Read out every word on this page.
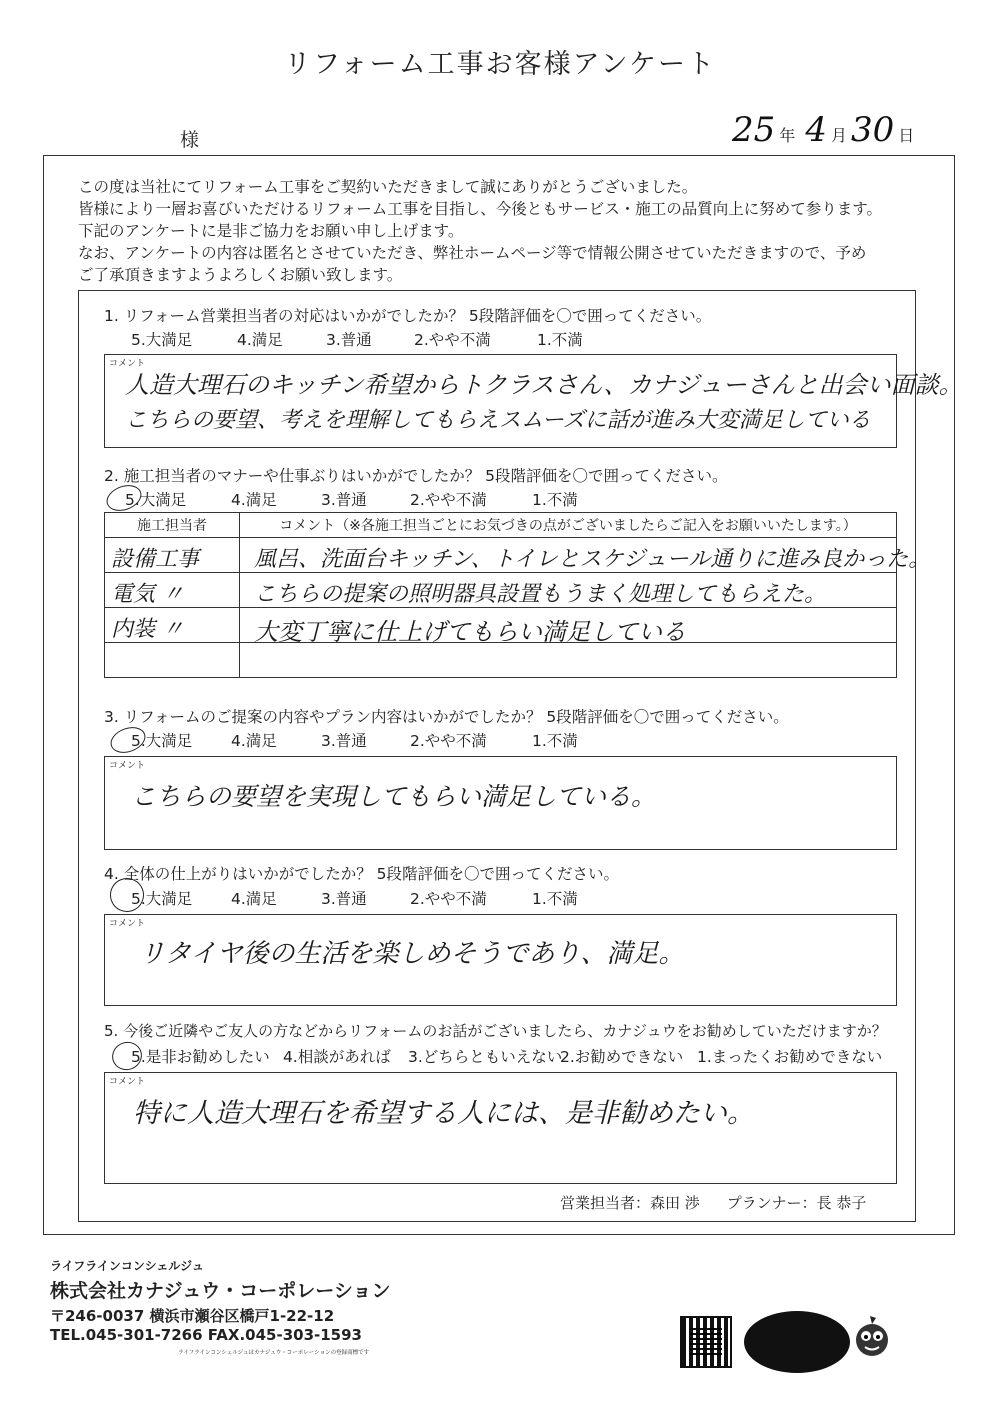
リフォーム工事お客様アンケート
様	25 年 4 月 30 日
この度は当社にてリフォーム工事をご契約いただきまして誠にありがとうございました。
皆様により一層お喜びいただけるリフォーム工事を目指し、今後ともサービス・施工の品質向上に努めて参ります。
下記のアンケートに是非ご協力をお願い申し上げます。
なお、アンケートの内容は匿名とさせていただき、弊社ホームページ等で情報公開させていただきますので、予め
ご了承頂きますようよろしくお願い致します。
1. リフォーム営業担当者の対応はいかがでしたか？ 5段階評価を〇で囲ってください。
5.大満足	4.満足	3.普通	2.やや不満	1.不満
コメント
人造大理石のキッチン希望からトクラスさん、カナジューさんと出会い面談。
こちらの要望、考えを理解してもらえスムーズに話が進み大変満足している
2. 施工担当者のマナーや仕事ぶりはいかがでしたか？ 5段階評価を〇で囲ってください。
5.大満足	4.満足	3.普通	2.やや不満	1.不満
施工担当者	コメント（※各施工担当ごとにお気づきの点がございましたらご記入をお願いいたします。）

設備工事	風呂、洗面台キッチン、トイレとスケジュール通りに進み良かった。

電気 〃	こちらの提案の照明器具設置もうまく処理してもらえた。

内装 〃	大変丁寧に仕上げてもらい満足している

3. リフォームのご提案の内容やプラン内容はいかがでしたか？ 5段階評価を〇で囲ってください。
5.大満足 4.満足	3.普通	2.やや不満	1.不満
コメント
こちらの要望を実現してもらい満足している。
4. 全体の仕上がりはいかがでしたか？ 5段階評価を〇で囲ってください。
5.大満足 4.満足	3.普通	2.やや不満	1.不満
コメント
リタイヤ後の生活を楽しめそうであり、満足。
5. 今後ご近隣やご友人の方などからリフォームのお話がございましたら、カナジュウをお勧めしていただけますか？
5.是非お勧めしたい 4.相談があれば 3.どちらともいえない
2.お勧めできない 1.まったくお勧めできない
コメント
特に人造大理石を希望する人には、是非勧めたい。
営業担当者：森田 渉 プランナー：長 恭子
ライフラインコンシェルジュ
株式会社カナジュウ・コーポレーション
〒246-0037 横浜市瀬谷区橋戸1-22-12
TEL.045-301-7266 FAX.045-303-1593
ライフラインコンシェルジュはカナジュウ・コーポレーションの登録商標です
